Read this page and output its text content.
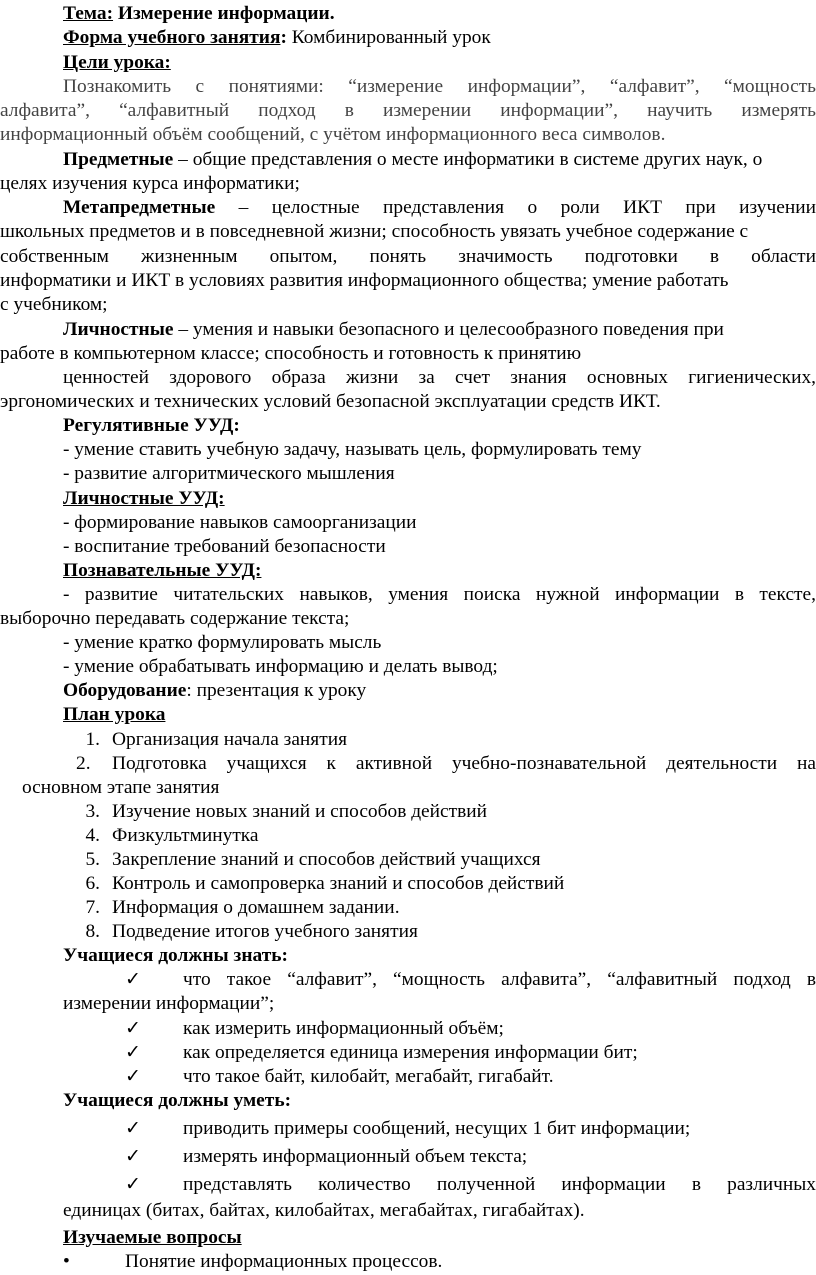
Тема: Измерение информации.
Форма учебного занятия: Комбинированный урок
Цели урока:
Познакомить с понятиями: “измерение информации”, “алфавит”, “мощность
алфавита”, “алфавитный подход в измерении информации”, научить измерять
информационный объём сообщений, с учётом информационного веса символов.
Предметные – общие представления о месте информатики в системе других наук, о
целях изучения курса информатики;
Метапредметные – целостные представления о роли ИКТ при изучении
школьных предметов и в повседневной жизни; способность увязать учебное содержание с
собственным жизненным опытом, понять значимость подготовки в области
информатики и ИКТ в условиях развития информационного общества; умение работать
с учебником;
Личностные – умения и навыки безопасного и целесообразного поведения при
работе в компьютерном классе; способность и готовность к принятию
ценностей здорового образа жизни за счет знания основных гигиенических,
эргономических и технических условий безопасной эксплуатации средств ИКТ.
Регулятивные УУД:
- умение ставить учебную задачу, называть цель, формулировать тему
- развитие алгоритмического мышления
Личностные УУД:
- формирование навыков самоорганизации
- воспитание требований безопасности
Познавательные УУД:
- развитие читательских навыков, умения поиска нужной информации в тексте,
выборочно передавать содержание текста;
- умение кратко формулировать мысль
- умение обрабатывать информацию и делать вывод;
Оборудование: презентация к уроку
План урока
1. Организация начала занятия
2. Подготовка учащихся к активной учебно-познавательной деятельности на
основном этапе занятия
3. Изучение новых знаний и способов действий
4. Физкультминутка
5. Закрепление знаний и способов действий учащихся
6. Контроль и самопроверка знаний и способов действий
7. Информация о домашнем задании.
8. Подведение итогов учебного занятия
Учащиеся должны знать:
✓ что такое “алфавит”, “мощность алфавита”, “алфавитный подход в
измерении информации”;
✓ как измерить информационный объём;
✓ как определяется единица измерения информации бит;
✓ что такое байт, килобайт, мегабайт, гигабайт.
Учащиеся должны уметь:
✓ приводить примеры сообщений, несущих 1 бит информации;
✓ измерять информационный объем текста;
✓ представлять количество полученной информации в различных
единицах (битах, байтах, килобайтах, мегабайтах, гигабайтах).
Изучаемые вопросы
•	Понятие информационных процессов.
